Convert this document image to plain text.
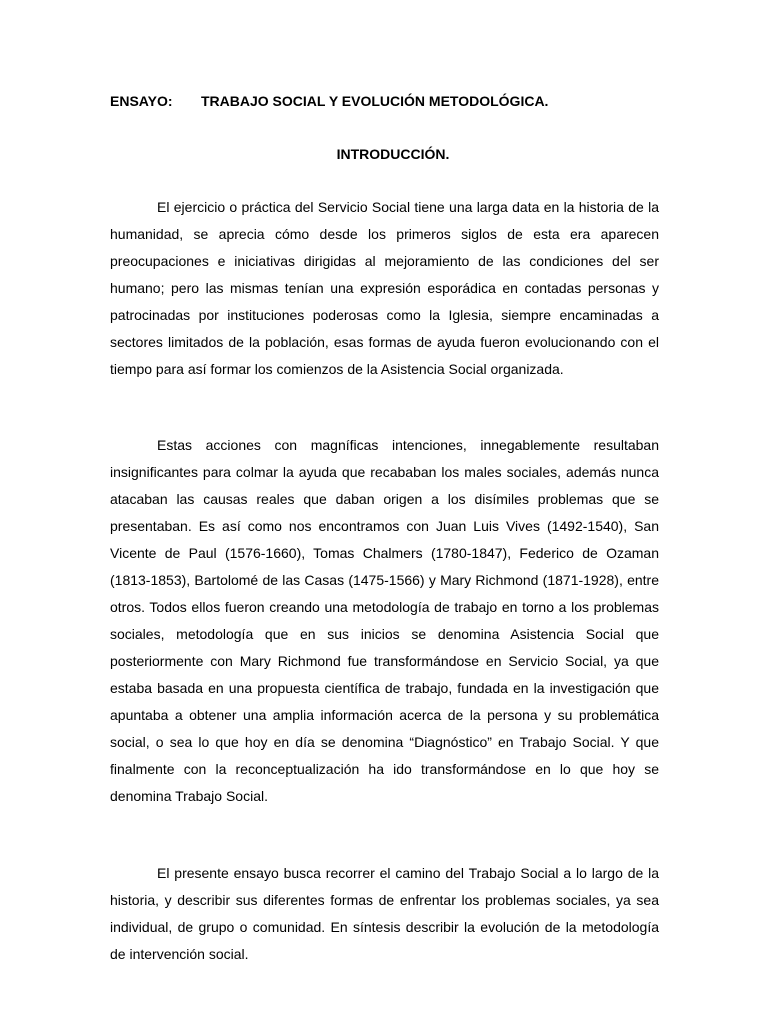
ENSAYO: TRABAJO SOCIAL Y EVOLUCIÓN METODOLÓGICA.
INTRODUCCIÓN.

El ejercicio o práctica del Servicio Social tiene una larga data en la historia de la humanidad, se aprecia cómo desde los primeros siglos de esta era aparecen preocupaciones e iniciativas dirigidas al mejoramiento de las condiciones del ser humano; pero las mismas tenían una expresión esporádica en contadas personas y patrocinadas por instituciones poderosas como la Iglesia, siempre encaminadas a sectores limitados de la población, esas formas de ayuda fueron evolucionando con el tiempo para así formar los comienzos de la Asistencia Social organizada.

Estas acciones con magníficas intenciones, innegablemente resultaban insignificantes para colmar la ayuda que recababan los males sociales, además nunca atacaban las causas reales que daban origen a los disímiles problemas que se presentaban. Es así como nos encontramos con Juan Luis Vives (1492-1540), San Vicente de Paul (1576-1660), Tomas Chalmers (1780-1847), Federico de Ozaman (1813-1853), Bartolomé de las Casas (1475-1566) y Mary Richmond (1871-1928), entre otros. Todos ellos fueron creando una metodología de trabajo en torno a los problemas sociales, metodología que en sus inicios se denomina Asistencia Social que posteriormente con Mary Richmond fue transformándose en Servicio Social, ya que estaba basada en una propuesta científica de trabajo, fundada en la investigación que apuntaba a obtener una amplia información acerca de la persona y su problemática social, o sea lo que hoy en día se denomina “Diagnóstico” en Trabajo Social. Y que finalmente con la reconceptualización ha ido transformándose en lo que hoy se denomina Trabajo Social.

El presente ensayo busca recorrer el camino del Trabajo Social a lo largo de la historia, y describir sus diferentes formas de enfrentar los problemas sociales, ya sea individual, de grupo o comunidad. En síntesis describir la evolución de la metodología de intervención social.
